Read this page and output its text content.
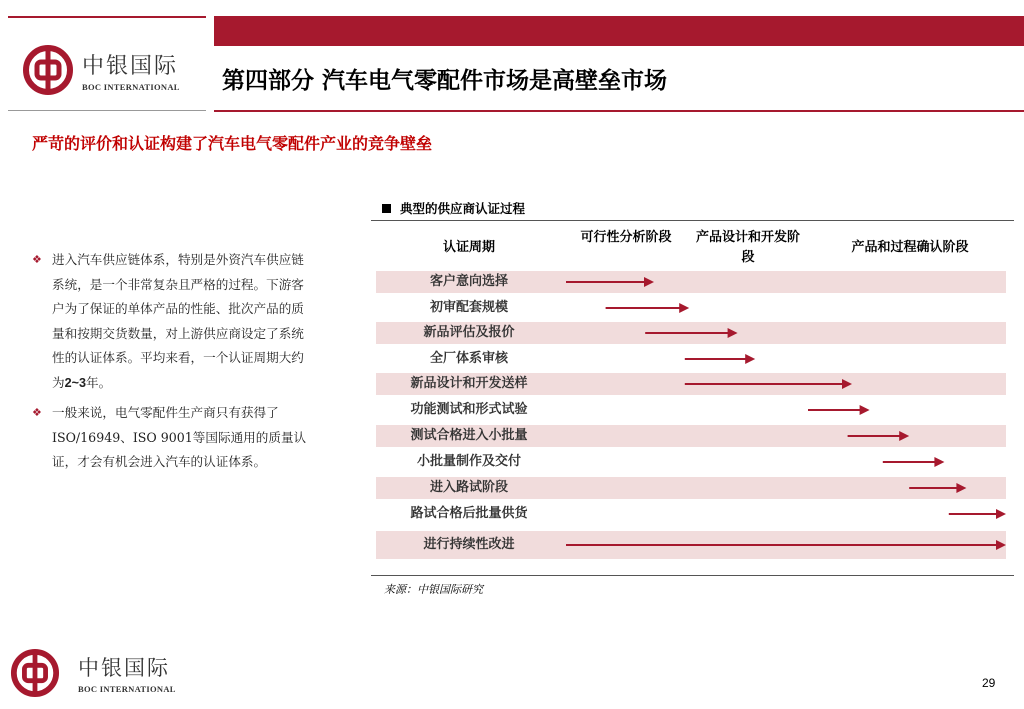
中银国际
BOC INTERNATIONAL 第四部分 汽车电气零配件市场是高壁垒市场
严苛的评价和认证构建了汽车电气零配件产业的竞争壁垒
❖ 进入汽车供应链体系，特别是外资汽车供应链系统，是一个非常复杂且严格的过程。下游客户为了保证的单体产品的性能、批次产品的质量和按期交货数量，对上游供应商设定了系统性的认证体系。平均来看，一个认证周期大约为2~3年。
❖ 一般来说，电气零配件生产商只有获得了ISO/16949、ISO 9001等国际通用的质量认证，才会有机会进入汽车的认证体系。
典型的供应商认证过程
认证周期
可行性分析阶段	产品设计和开发阶段
产品和过程确认阶段
客户意向选择
初审配套规模
新品评估及报价
全厂体系审核
新品设计和开发送样
功能测试和形式试验
测试合格进入小批量
小批量制作及交付
进入路试阶段
路试合格后批量供货
进行持续性改进
来源：中银国际研究
中银国际
BOC INTERNATIONAL	29
